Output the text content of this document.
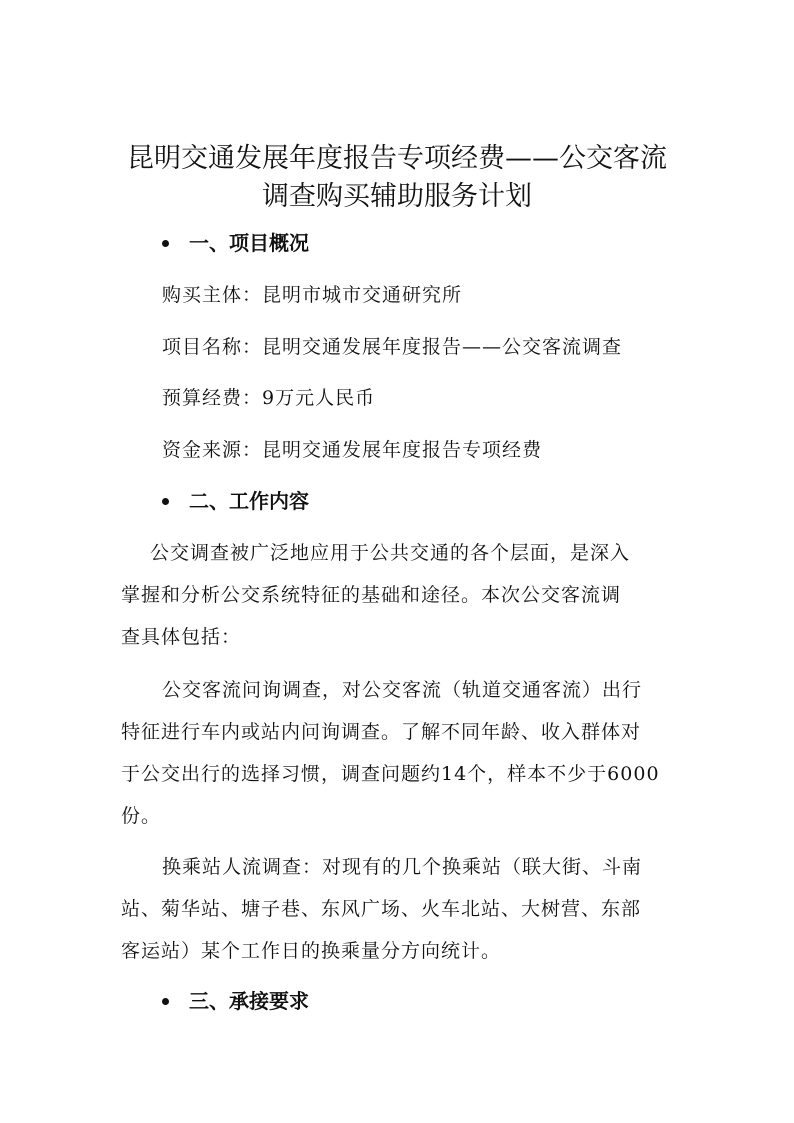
昆明交通发展年度报告专项经费——公交客流
调查购买辅助服务计划
一、项目概况
购买主体：昆明市城市交通研究所
项目名称：昆明交通发展年度报告——公交客流调查
预算经费：9万元人民币
资金来源：昆明交通发展年度报告专项经费
二、工作内容
公交调查被广泛地应用于公共交通的各个层面，是深入
掌握和分析公交系统特征的基础和途径。本次公交客流调
查具体包括：
公交客流问询调查，对公交客流（轨道交通客流）出行
特征进行车内或站内问询调查。了解不同年龄、收入群体对
于公交出行的选择习惯，调查问题约14个，样本不少于6000
份。
换乘站人流调查：对现有的几个换乘站（联大街、斗南
站、菊华站、塘子巷、东风广场、火车北站、大树营、东部
客运站）某个工作日的换乘量分方向统计。
三、承接要求
